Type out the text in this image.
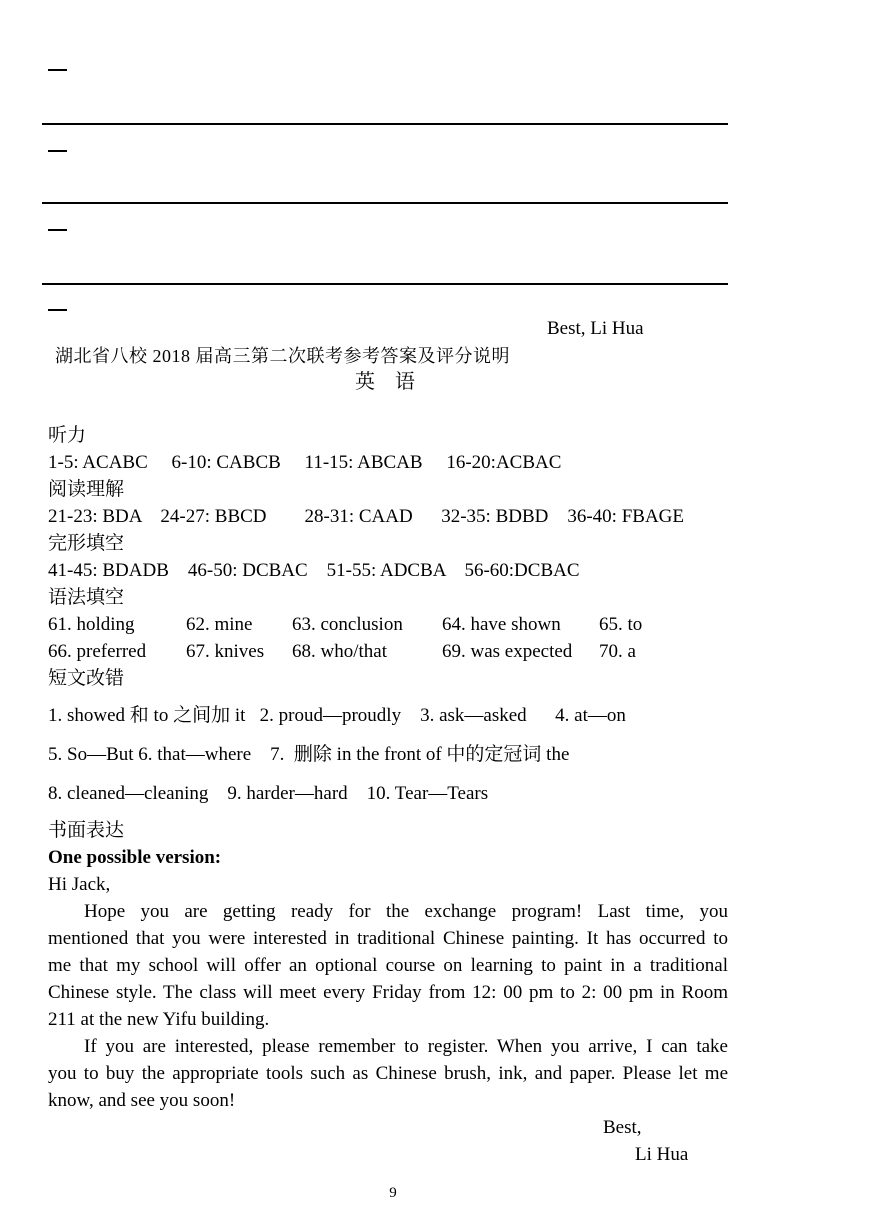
Best, Li Hua
湖北省八校 2018 届高三第二次联考参考答案及评分说明
英　语
听力
1-5: ACABC     6-10: CABCB     11-15: ABCAB     16-20:ACBAC
阅读理解
21-23: BDA    24-27: BBCD        28-31: CAAD      32-35: BDBD    36-40: FBAGE
完形填空
41-45: BDADB    46-50: DCBAC    51-55: ADCBA    56-60:DCBAC
语法填空
61. holding	62. mine	63. conclusion	64. have shown	65. to
66. preferred	67. knives	68. who/that	69. was expected	70. a
短文改错
1. showed 和 to 之间加 it   2. proud—proudly    3. ask—asked      4. at—on
5. So—But 6. that—where    7.  删除 in the front of 中的定冠词 the
8. cleaned—cleaning    9. harder—hard    10. Tear—Tears
书面表达
One possible version:
Hi Jack,
Hope you are getting ready for the exchange program! Last time, you
mentioned that you were interested in traditional Chinese painting. It has occurred to
me that my school will offer an optional course on learning to paint in a traditional
Chinese style. The class will meet every Friday from 12: 00 pm to 2: 00 pm in Room
211 at the new Yifu building.
If you are interested, please remember to register. When you arrive, I can take
you to buy the appropriate tools such as Chinese brush, ink, and paper. Please let me
know, and see you soon!
Best,
Li Hua
9
